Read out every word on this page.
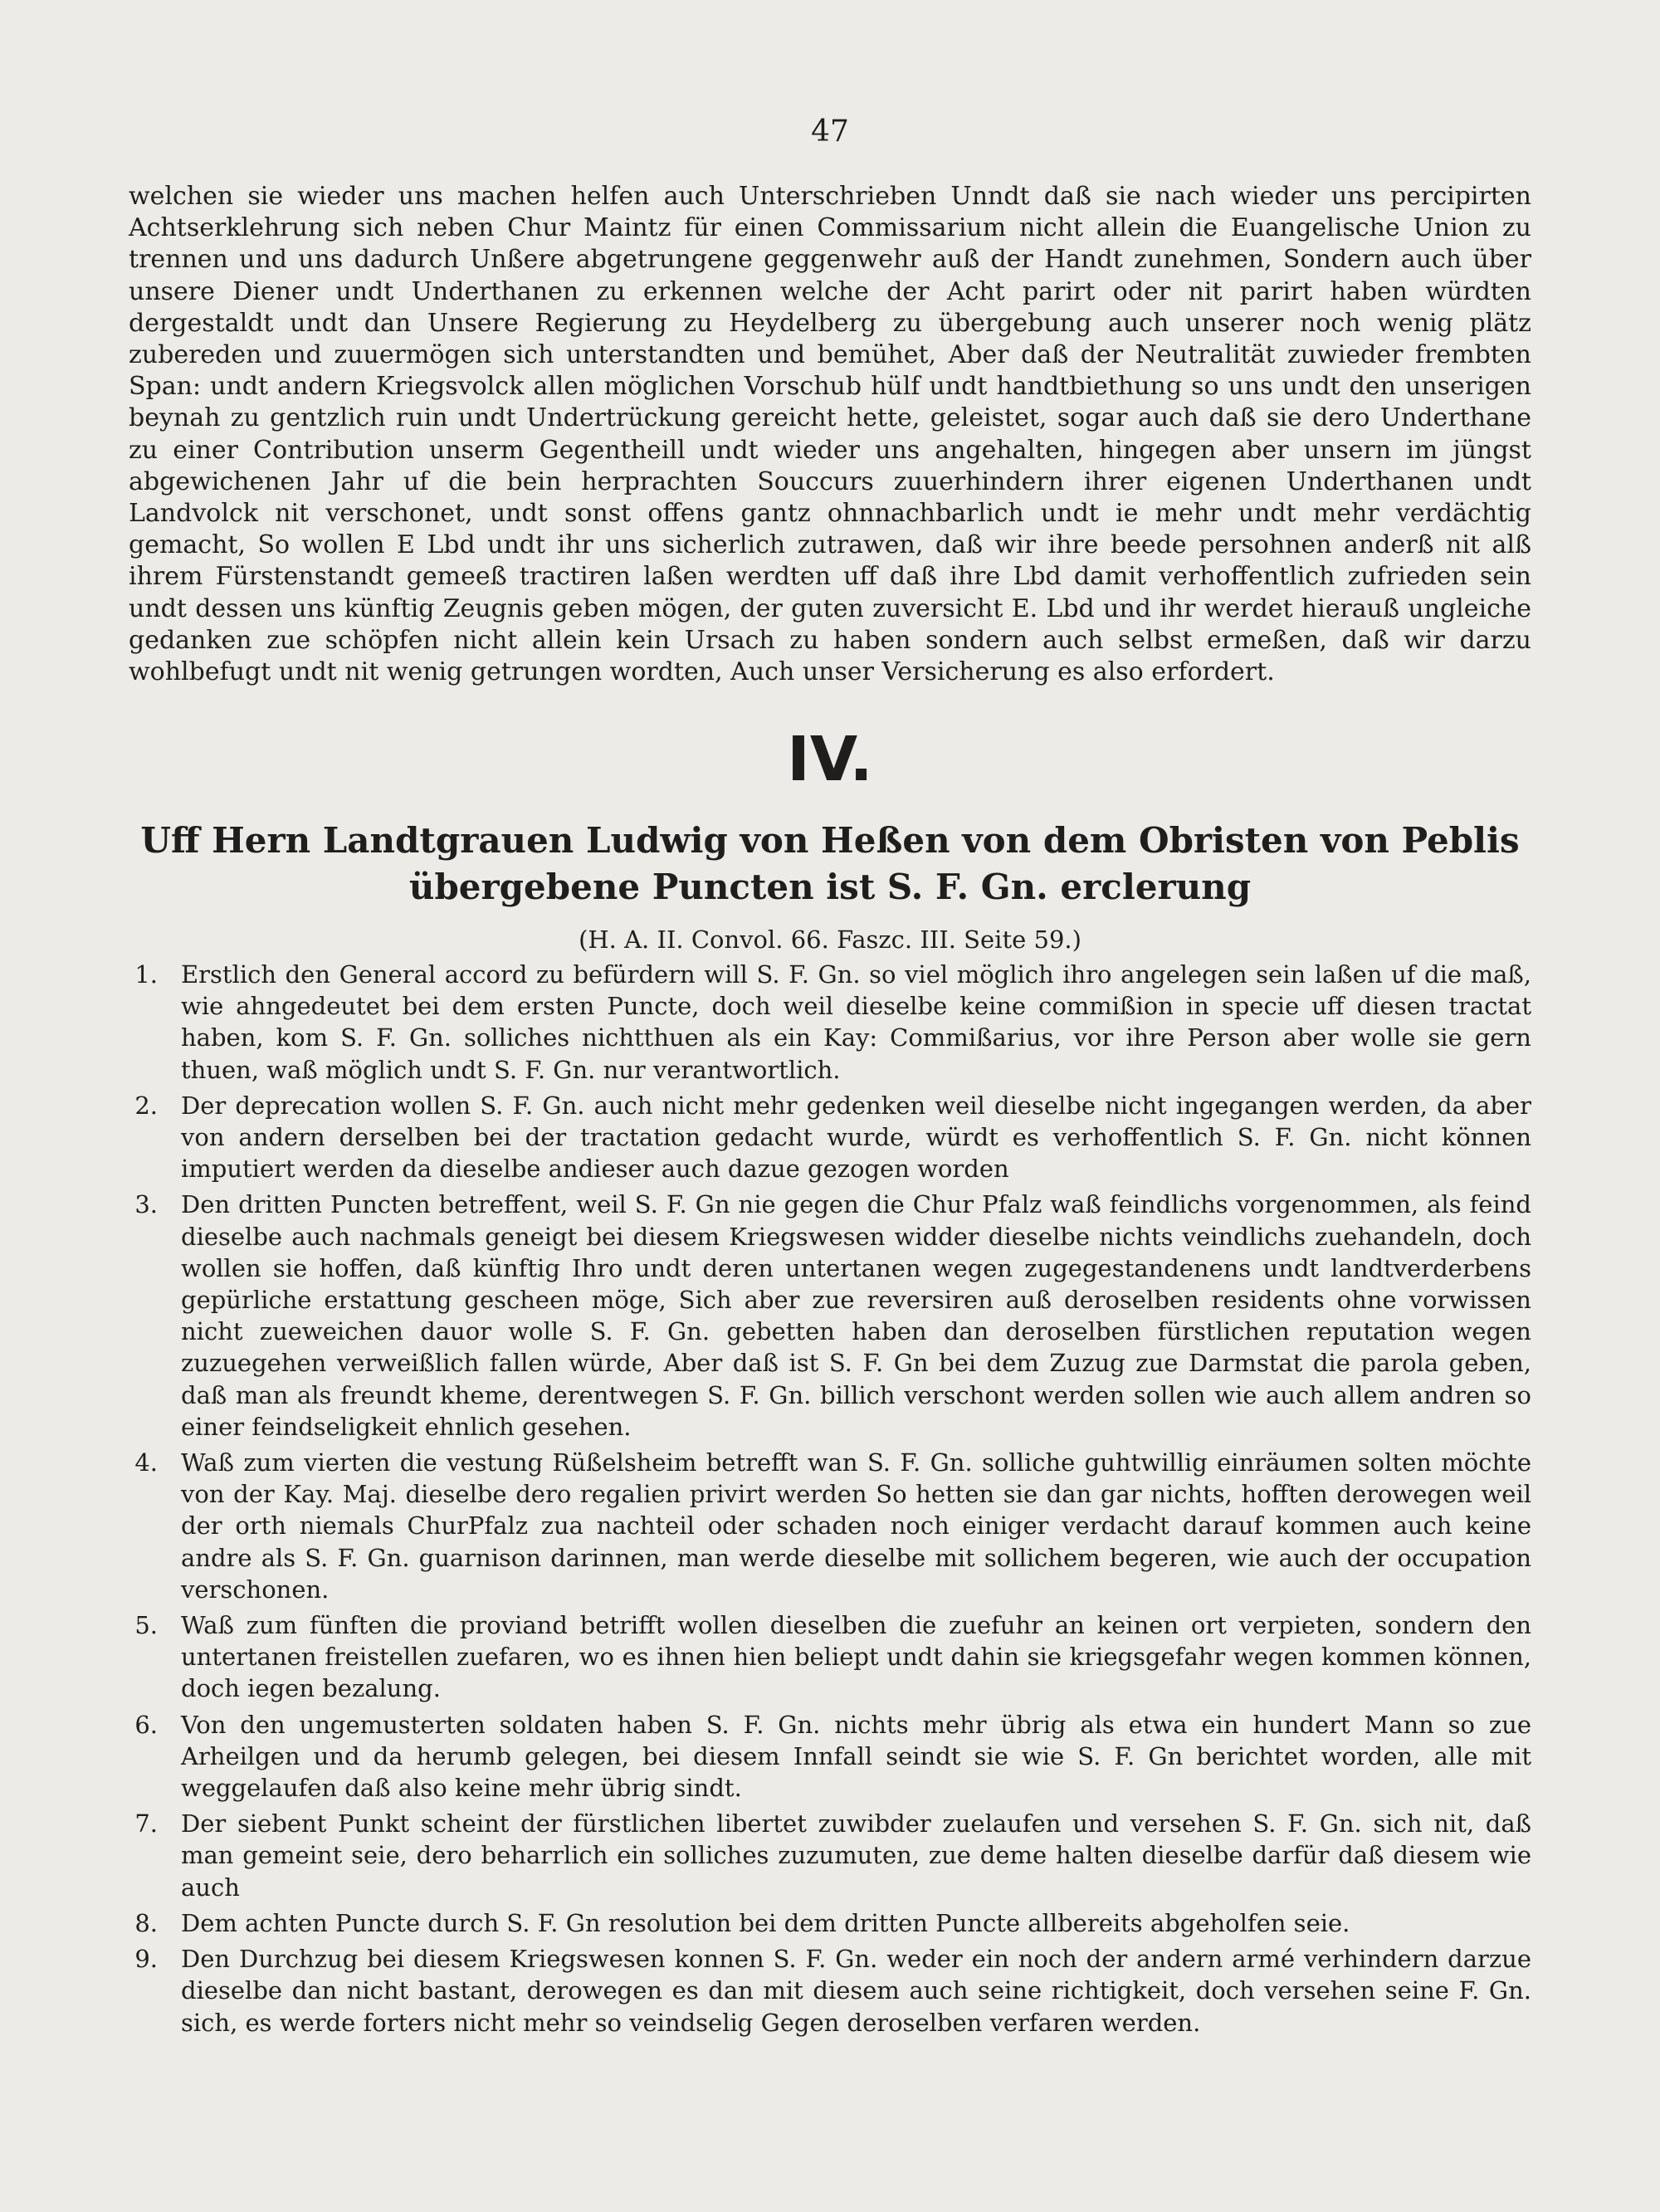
47

welchen sie wieder uns machen helfen auch Unterschrieben Unndt daß sie nach wieder uns percipirten Achtserklehrung sich neben Chur Maintz für einen Commissarium nicht allein die Euangelische Union zu trennen und uns dadurch Unßere abgetrungene geggenwehr auß der Handt zunehmen, Sondern auch über unsere Diener undt Underthanen zu erkennen welche der Acht parirt oder nit parirt haben würdten dergestaldt undt dan Unsere Regierung zu Heydelberg zu übergebung auch unserer noch wenig plätz zubereden und zuuermögen sich unterstandten und bemühet, Aber daß der Neutralität zuwieder frembten Span: undt andern Kriegsvolck allen möglichen Vorschub hülf undt handtbiethung so uns undt den unserigen beynah zu gentzlich ruin undt Undertrückung gereicht hette, geleistet, sogar auch daß sie dero Underthane zu einer Contribution unserm Gegentheill undt wieder uns angehalten, hingegen aber unsern im jüngst abgewichenen Jahr uf die bein herprachten Souccurs zuuerhindern ihrer eigenen Underthanen undt Landvolck nit verschonet, undt sonst offens gantz ohnnachbarlich undt ie mehr undt mehr verdächtig gemacht, So wollen E Lbd undt ihr uns sicherlich zutrawen, daß wir ihre beede persohnen anderß nit alß ihrem Fürstenstandt gemeeß tractiren laßen werdten uff daß ihre Lbd damit verhoffentlich zufrieden sein undt dessen uns künftig Zeugnis geben mögen, der guten zuversicht E. Lbd und ihr werdet hierauß ungleiche gedanken zue schöpfen nicht allein kein Ursach zu haben sondern auch selbst ermeßen, daß wir darzu wohlbefugt undt nit wenig getrungen wordten, Auch unser Versicherung es also erfordert.

IV.
Uff Hern Landtgrauen Ludwig von Heßen von dem Obristen von Peblis
übergebene Puncten ist S. F. Gn. erclerung
(H. A. II. Convol. 66. Faszc. III. Seite 59.)
1. Erstlich den General accord zu befürdern will S. F. Gn. so viel möglich ihro angelegen sein laßen uf die maß, wie ahngedeutet bei dem ersten Puncte, doch weil dieselbe keine commißion in specie uff diesen tractat haben, kom S. F. Gn. solliches nichtthuen als ein Kay: Commißarius, vor ihre Person aber wolle sie gern thuen, waß möglich undt S. F. Gn. nur verantwortlich.
2. Der deprecation wollen S. F. Gn. auch nicht mehr gedenken weil dieselbe nicht ingegangen werden, da aber von andern derselben bei der tractation gedacht wurde, würdt es verhoffentlich S. F. Gn. nicht können imputiert werden da dieselbe andieser auch dazue gezogen worden
3. Den dritten Puncten betreffent, weil S. F. Gn nie gegen die Chur Pfalz waß feindlichs vorgenommen, als feind dieselbe auch nachmals geneigt bei diesem Kriegswesen widder dieselbe nichts veindlichs zuehandeln, doch wollen sie hoffen, daß künftig Ihro undt deren untertanen wegen zugegestandenens undt landtverderbens gepürliche erstattung gescheen möge, Sich aber zue reversiren auß deroselben residents ohne vorwissen nicht zueweichen dauor wolle S. F. Gn. gebetten haben dan deroselben fürstlichen reputation wegen zuzuegehen verweißlich fallen würde, Aber daß ist S. F. Gn bei dem Zuzug zue Darmstat die parola geben, daß man als freundt kheme, derentwegen S. F. Gn. billich verschont werden sollen wie auch allem andren so einer feindseligkeit ehnlich gesehen.
4. Waß zum vierten die vestung Rüßelsheim betrefft wan S. F. Gn. solliche guhtwillig einräumen solten möchte von der Kay. Maj. dieselbe dero regalien privirt werden So hetten sie dan gar nichts, hofften derowegen weil der orth niemals ChurPfalz zua nachteil oder schaden noch einiger verdacht darauf kommen auch keine andre als S. F. Gn. guarnison darinnen, man werde dieselbe mit sollichem begeren, wie auch der occupation verschonen.
5. Waß zum fünften die proviand betrifft wollen dieselben die zuefuhr an keinen ort verpieten, sondern den untertanen freistellen zuefaren, wo es ihnen hien beliept undt dahin sie kriegsgefahr wegen kommen können, doch iegen bezalung.
6. Von den ungemusterten soldaten haben S. F. Gn. nichts mehr übrig als etwa ein hundert Mann so zue Arheilgen und da herumb gelegen, bei diesem Innfall seindt sie wie S. F. Gn berichtet worden, alle mit weggelaufen daß also keine mehr übrig sindt.
7. Der siebent Punkt scheint der fürstlichen libertet zuwibder zuelaufen und versehen S. F. Gn. sich nit, daß man gemeint seie, dero beharrlich ein solliches zuzumuten, zue deme halten dieselbe darfür daß diesem wie auch
8. Dem achten Puncte durch S. F. Gn resolution bei dem dritten Puncte allbereits abgeholfen seie.
9. Den Durchzug bei diesem Kriegswesen konnen S. F. Gn. weder ein noch der andern armé verhindern darzue dieselbe dan nicht bastant, derowegen es dan mit diesem auch seine richtigkeit, doch versehen seine F. Gn. sich, es werde forters nicht mehr so veindselig Gegen deroselben verfaren werden.
